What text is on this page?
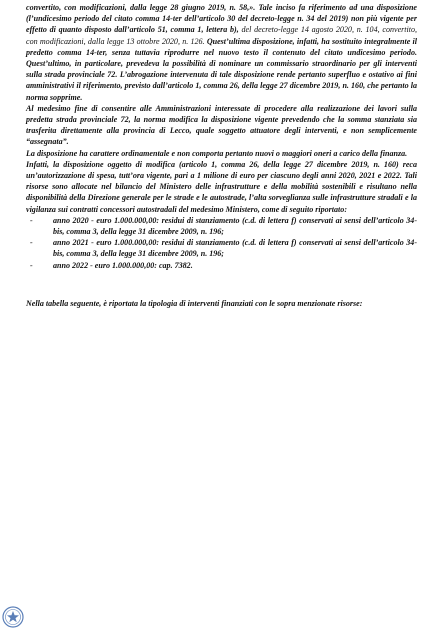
convertito, con modificazioni, dalla legge 28 giugno 2019, n. 58,». Tale inciso fa riferimento ad una disposizione (l’undicesimo periodo del citato comma 14-ter dell’articolo 30 del decreto-legge n. 34 del 2019) non più vigente per effetto di quanto disposto dall’articolo 51, comma 1, lettera b), del decreto-legge 14 agosto 2020, n. 104, convertito, con modificazioni, dalla legge 13 ottobre 2020, n. 126. Quest’ultima disposizione, infatti, ha sostituito integralmente il predetto comma 14-ter, senza tuttavia riprodurre nel nuovo testo il contenuto del citato undicesimo periodo. Quest’ultimo, in particolare, prevedeva la possibilità di nominare un commissario straordinario per gli interventi sulla strada provinciale 72. L’abrogazione intervenuta di tale disposizione rende pertanto superfluo e ostativo ai fini amministrativi il riferimento, previsto dall’articolo 1, comma 26, della legge 27 dicembre 2019, n. 160, che pertanto la norma sopprime.

Al medesimo fine di consentire alle Amministrazioni interessate di procedere alla realizzazione dei lavori sulla predetta strada provinciale 72, la norma modifica la disposizione vigente prevedendo che la somma stanziata sia trasferita direttamente alla provincia di Lecco, quale soggetto attuatore degli interventi, e non semplicemente “assegnata”.

La disposizione ha carattere ordinamentale e non comporta pertanto nuovi o maggiori oneri a carico della finanza.

Infatti, la disposizione oggetto di modifica (articolo 1, comma 26, della legge 27 dicembre 2019, n. 160) reca un’autorizzazione di spesa, tutt’ora vigente, pari a 1 milione di euro per ciascuno degli anni 2020, 2021 e 2022. Tali risorse sono allocate nel bilancio del Ministero delle infrastrutture e della mobilità sostenibili e risultano nella disponibilità della Direzione generale per le strade e le autostrade, l’alta sorveglianza sulle infrastrutture stradali e la vigilanza sui contratti concessori autostradali del medesimo Ministero, come di seguito riportato:

- anno 2020 - euro 1.000.000,00: residui di stanziamento (c.d. di lettera f) conservati ai sensi dell’articolo 34-bis, comma 3, della legge 31 dicembre 2009, n. 196;
- anno 2021 - euro 1.000.000,00: residui di stanziamento (c.d. di lettera f) conservati ai sensi dell’articolo 34-bis, comma 3, della legge 31 dicembre 2009, n. 196;
- anno 2022 - euro 1.000.000,00: cap. 7382.

Nella tabella seguente, è riportata la tipologia di interventi finanziati con le sopra menzionate risorse:
